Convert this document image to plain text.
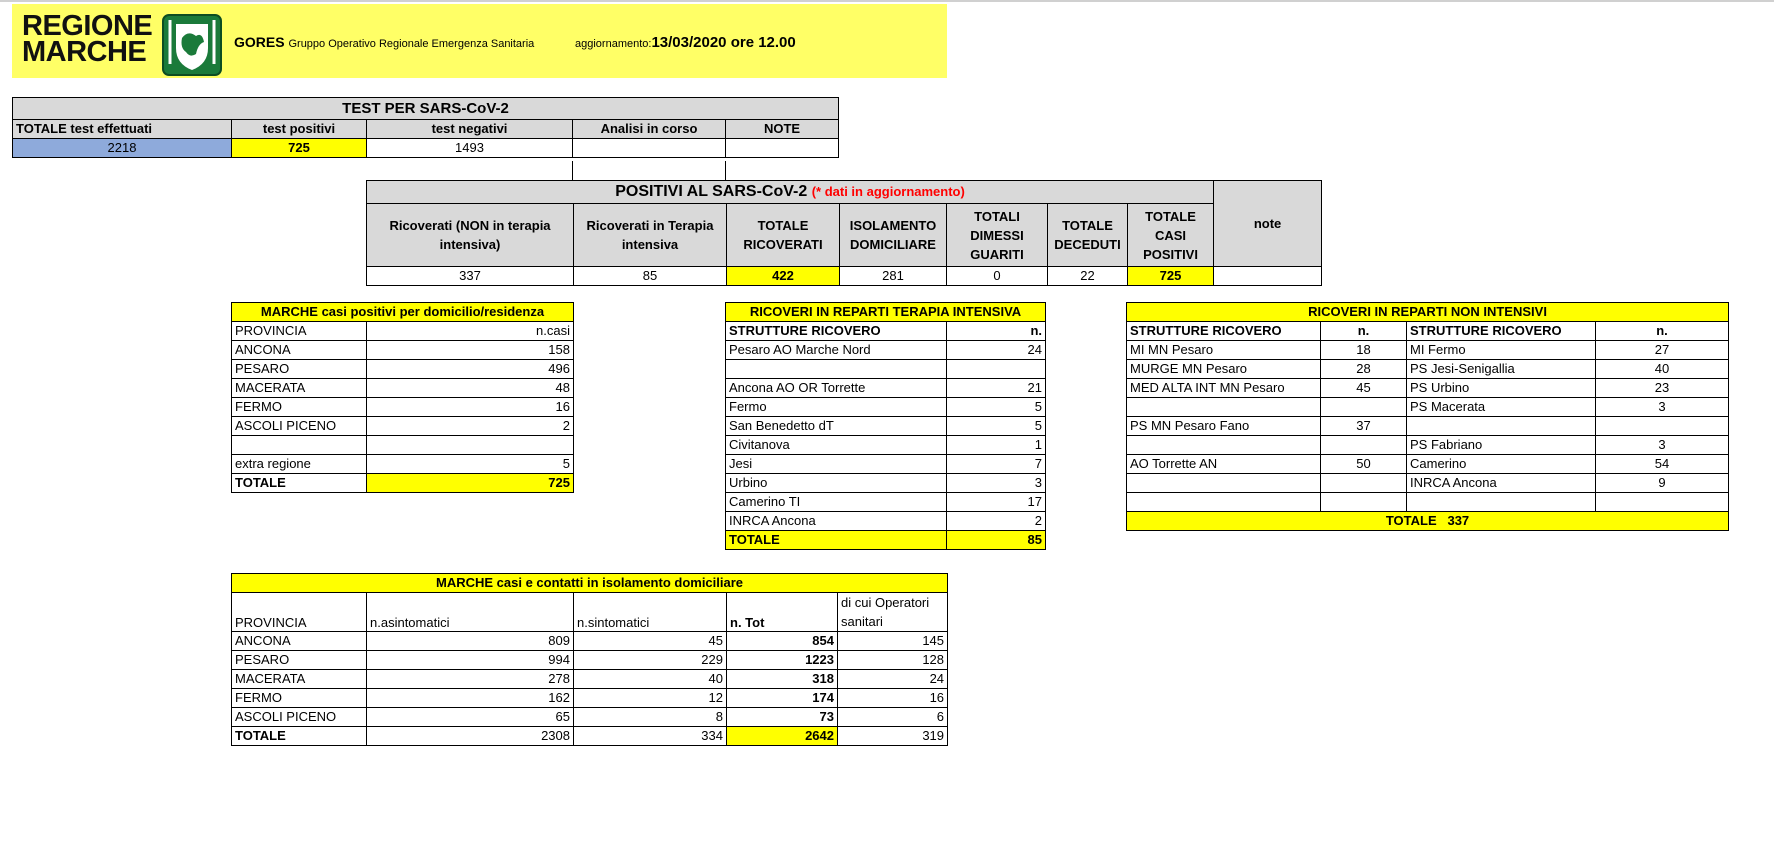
REGIONE
MARCHE	GORES Gruppo Operativo Regionale Emergenza Sanitaria	aggiornamento:13/03/2020 ore 12.00
TEST PER SARS-CoV-2				
TOTALE test effettuati	test positivi	test negativi	Analisi in corso	NOTE
2218	725	1493		
POSITIVI AL SARS-CoV-2 (* dati in aggiornamento)							note
Ricoverati (NON in terapia intensiva)	Ricoverati in Terapia intensiva	TOTALE RICOVERATI	ISOLAMENTO DOMICILIARE	TOTALI DIMESSI GUARITI	TOTALE DECEDUTI	TOTALE CASI POSITIVI	
337	85	422	281	0	22	725	
MARCHE casi positivi per domicilio/residenza	
PROVINCIA	n.casi
ANCONA	158
PESARO	496
MACERATA	48
FERMO	16
ASCOLI PICENO	2

extra regione	5
TOTALE	725
RICOVERI IN REPARTI TERAPIA INTENSIVA	
STRUTTURE RICOVERO	n.
Pesaro AO Marche Nord	24

Ancona AO OR Torrette	21
Fermo	5
San Benedetto dT	5
Civitanova	1
Jesi	7
Urbino	3
Camerino TI	17
INRCA Ancona	2
TOTALE	85
RICOVERI IN REPARTI NON INTENSIVI			
STRUTTURE RICOVERO	n.	STRUTTURE RICOVERO	n.
MI MN Pesaro	18	MI Fermo	27
MURGE MN Pesaro	28	PS Jesi-Senigallia	40
MED ALTA INT MN Pesaro	45	PS Urbino	23
		PS Macerata	3
PS MN Pesaro Fano	37		
		PS Fabriano	3
AO Torrette AN	50	Camerino	54
		INRCA Ancona	9

TOTALE   337			
MARCHE casi e contatti in isolamento domiciliare				
PROVINCIA	n.asintomatici	n.sintomatici	n. Tot	di cui Operatori sanitari
ANCONA	809	45	854	145
PESARO	994	229	1223	128
MACERATA	278	40	318	24
FERMO	162	12	174	16
ASCOLI PICENO	65	8	73	6
TOTALE	2308	334	2642	319
